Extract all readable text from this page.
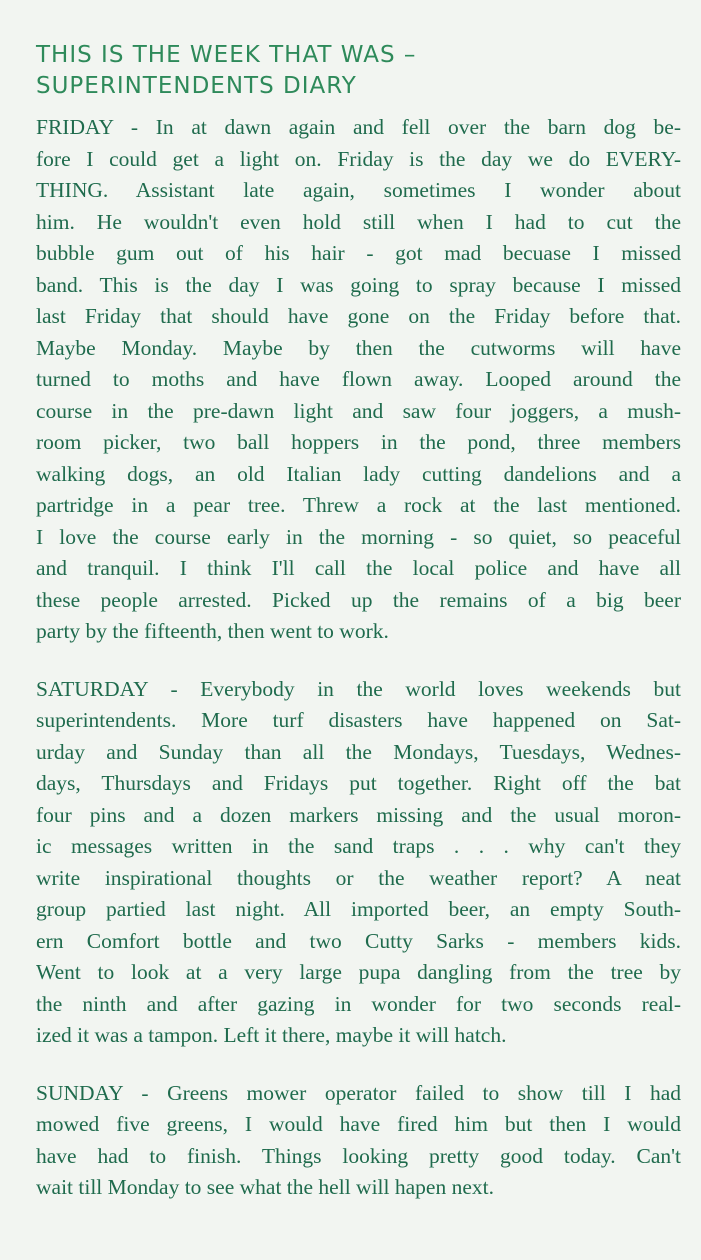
THIS IS THE WEEK THAT WAS –
SUPERINTENDENTS DIARY
FRIDAY - In at dawn again and fell over the barn dog be-
fore I could get a light on. Friday is the day we do EVERY-
THING. Assistant late again, sometimes I wonder about
him. He wouldn't even hold still when I had to cut the
bubble gum out of his hair - got mad becuase I missed
band. This is the day I was going to spray because I missed
last Friday that should have gone on the Friday before that.
Maybe Monday. Maybe by then the cutworms will have
turned to moths and have flown away. Looped around the
course in the pre-dawn light and saw four joggers, a mush-
room picker, two ball hoppers in the pond, three members
walking dogs, an old Italian lady cutting dandelions and a
partridge in a pear tree. Threw a rock at the last mentioned.
I love the course early in the morning - so quiet, so peaceful
and tranquil. I think I'll call the local police and have all
these people arrested. Picked up the remains of a big beer
party by the fifteenth, then went to work.
SATURDAY - Everybody in the world loves weekends but
superintendents. More turf disasters have happened on Sat-
urday and Sunday than all the Mondays, Tuesdays, Wednes-
days, Thursdays and Fridays put together. Right off the bat
four pins and a dozen markers missing and the usual moron-
ic messages written in the sand traps . . . why can't they
write inspirational thoughts or the weather report? A neat
group partied last night. All imported beer, an empty South-
ern Comfort bottle and two Cutty Sarks - members kids.
Went to look at a very large pupa dangling from the tree by
the ninth and after gazing in wonder for two seconds real-
ized it was a tampon. Left it there, maybe it will hatch.
SUNDAY - Greens mower operator failed to show till I had
mowed five greens, I would have fired him but then I would
have had to finish. Things looking pretty good today. Can't
wait till Monday to see what the hell will hapen next.
